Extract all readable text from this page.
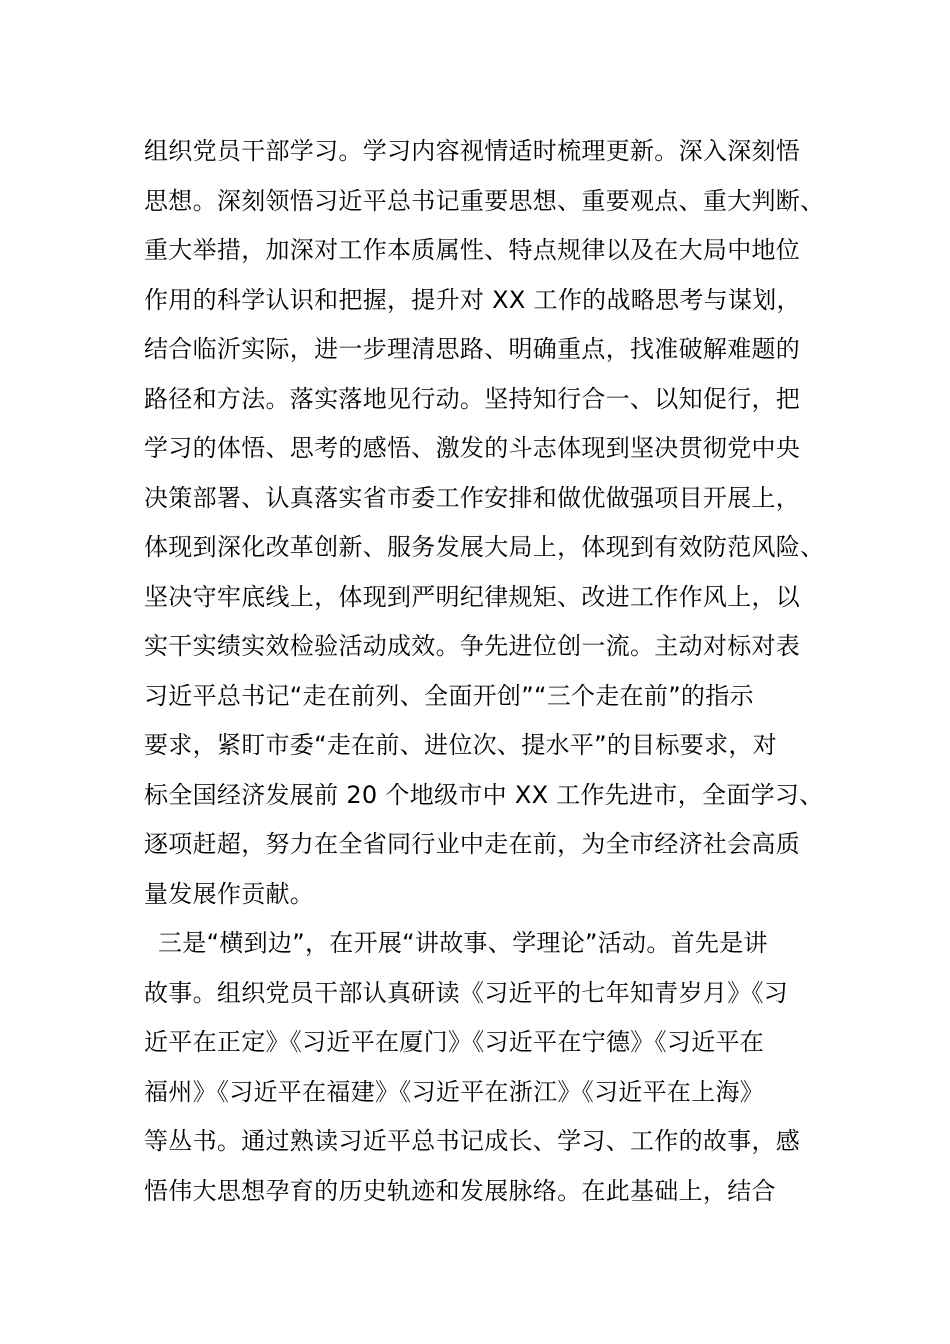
组织党员干部学习。学习内容视情适时梳理更新。深入深刻悟
思想。深刻领悟习近平总书记重要思想、重要观点、重大判断、
重大举措，加深对工作本质属性、特点规律以及在大局中地位
作用的科学认识和把握，提升对 XX 工作的战略思考与谋划，
结合临沂实际，进一步理清思路、明确重点，找准破解难题的
路径和方法。落实落地见行动。坚持知行合一、以知促行，把
学习的体悟、思考的感悟、激发的斗志体现到坚决贯彻党中央
决策部署、认真落实省市委工作安排和做优做强项目开展上，
体现到深化改革创新、服务发展大局上，体现到有效防范风险、
坚决守牢底线上，体现到严明纪律规矩、改进工作作风上，以
实干实绩实效检验活动成效。争先进位创一流。主动对标对表
习近平总书记“走在前列、全面开创”“三个走在前”的指示
要求，紧盯市委“走在前、进位次、提水平”的目标要求，对
标全国经济发展前 20 个地级市中 XX 工作先进市，全面学习、
逐项赶超，努力在全省同行业中走在前，为全市经济社会高质
量发展作贡献。
三是“横到边”，在开展“讲故事、学理论”活动。首先是讲
故事。组织党员干部认真研读《习近平的七年知青岁月》《习
近平在正定》《习近平在厦门》《习近平在宁德》《习近平在
福州》《习近平在福建》《习近平在浙江》《习近平在上海》
等丛书。通过熟读习近平总书记成长、学习、工作的故事，感
悟伟大思想孕育的历史轨迹和发展脉络。在此基础上，结合
